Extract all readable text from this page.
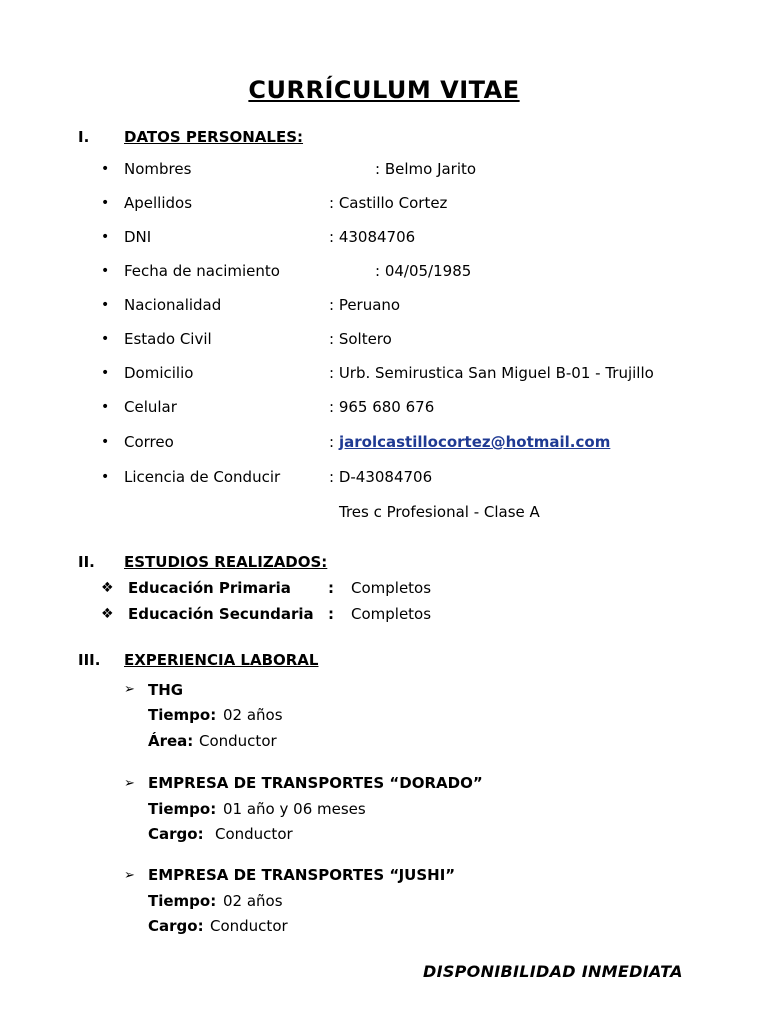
CURRÍCULUM VITAE
I. DATOS PERSONALES:
• Nombres	: Belmo Jarito
• Apellidos	: Castillo Cortez
• DNI	: 43084706
• Fecha de nacimiento	: 04/05/1985
• Nacionalidad	: Peruano
• Estado Civil	: Soltero
• Domicilio	: Urb. Semirustica San Miguel B-01 - Trujillo
• Celular	: 965 680 676
• Correo	: jarolcastillocortez@hotmail.com
• Licencia de Conducir	: D-43084706
Tres c Profesional - Clase A
II. ESTUDIOS REALIZADOS:
❖ Educación Primaria : Completos
❖ Educación Secundaria : Completos
III. EXPERIENCIA LABORAL
➢ THG
Tiempo: 02 años
Área: Conductor
➢ EMPRESA DE TRANSPORTES “DORADO”
Tiempo: 01 año y 06 meses
Cargo: Conductor
➢ EMPRESA DE TRANSPORTES “JUSHI”
Tiempo: 02 años
Cargo: Conductor
DISPONIBILIDAD INMEDIATA
